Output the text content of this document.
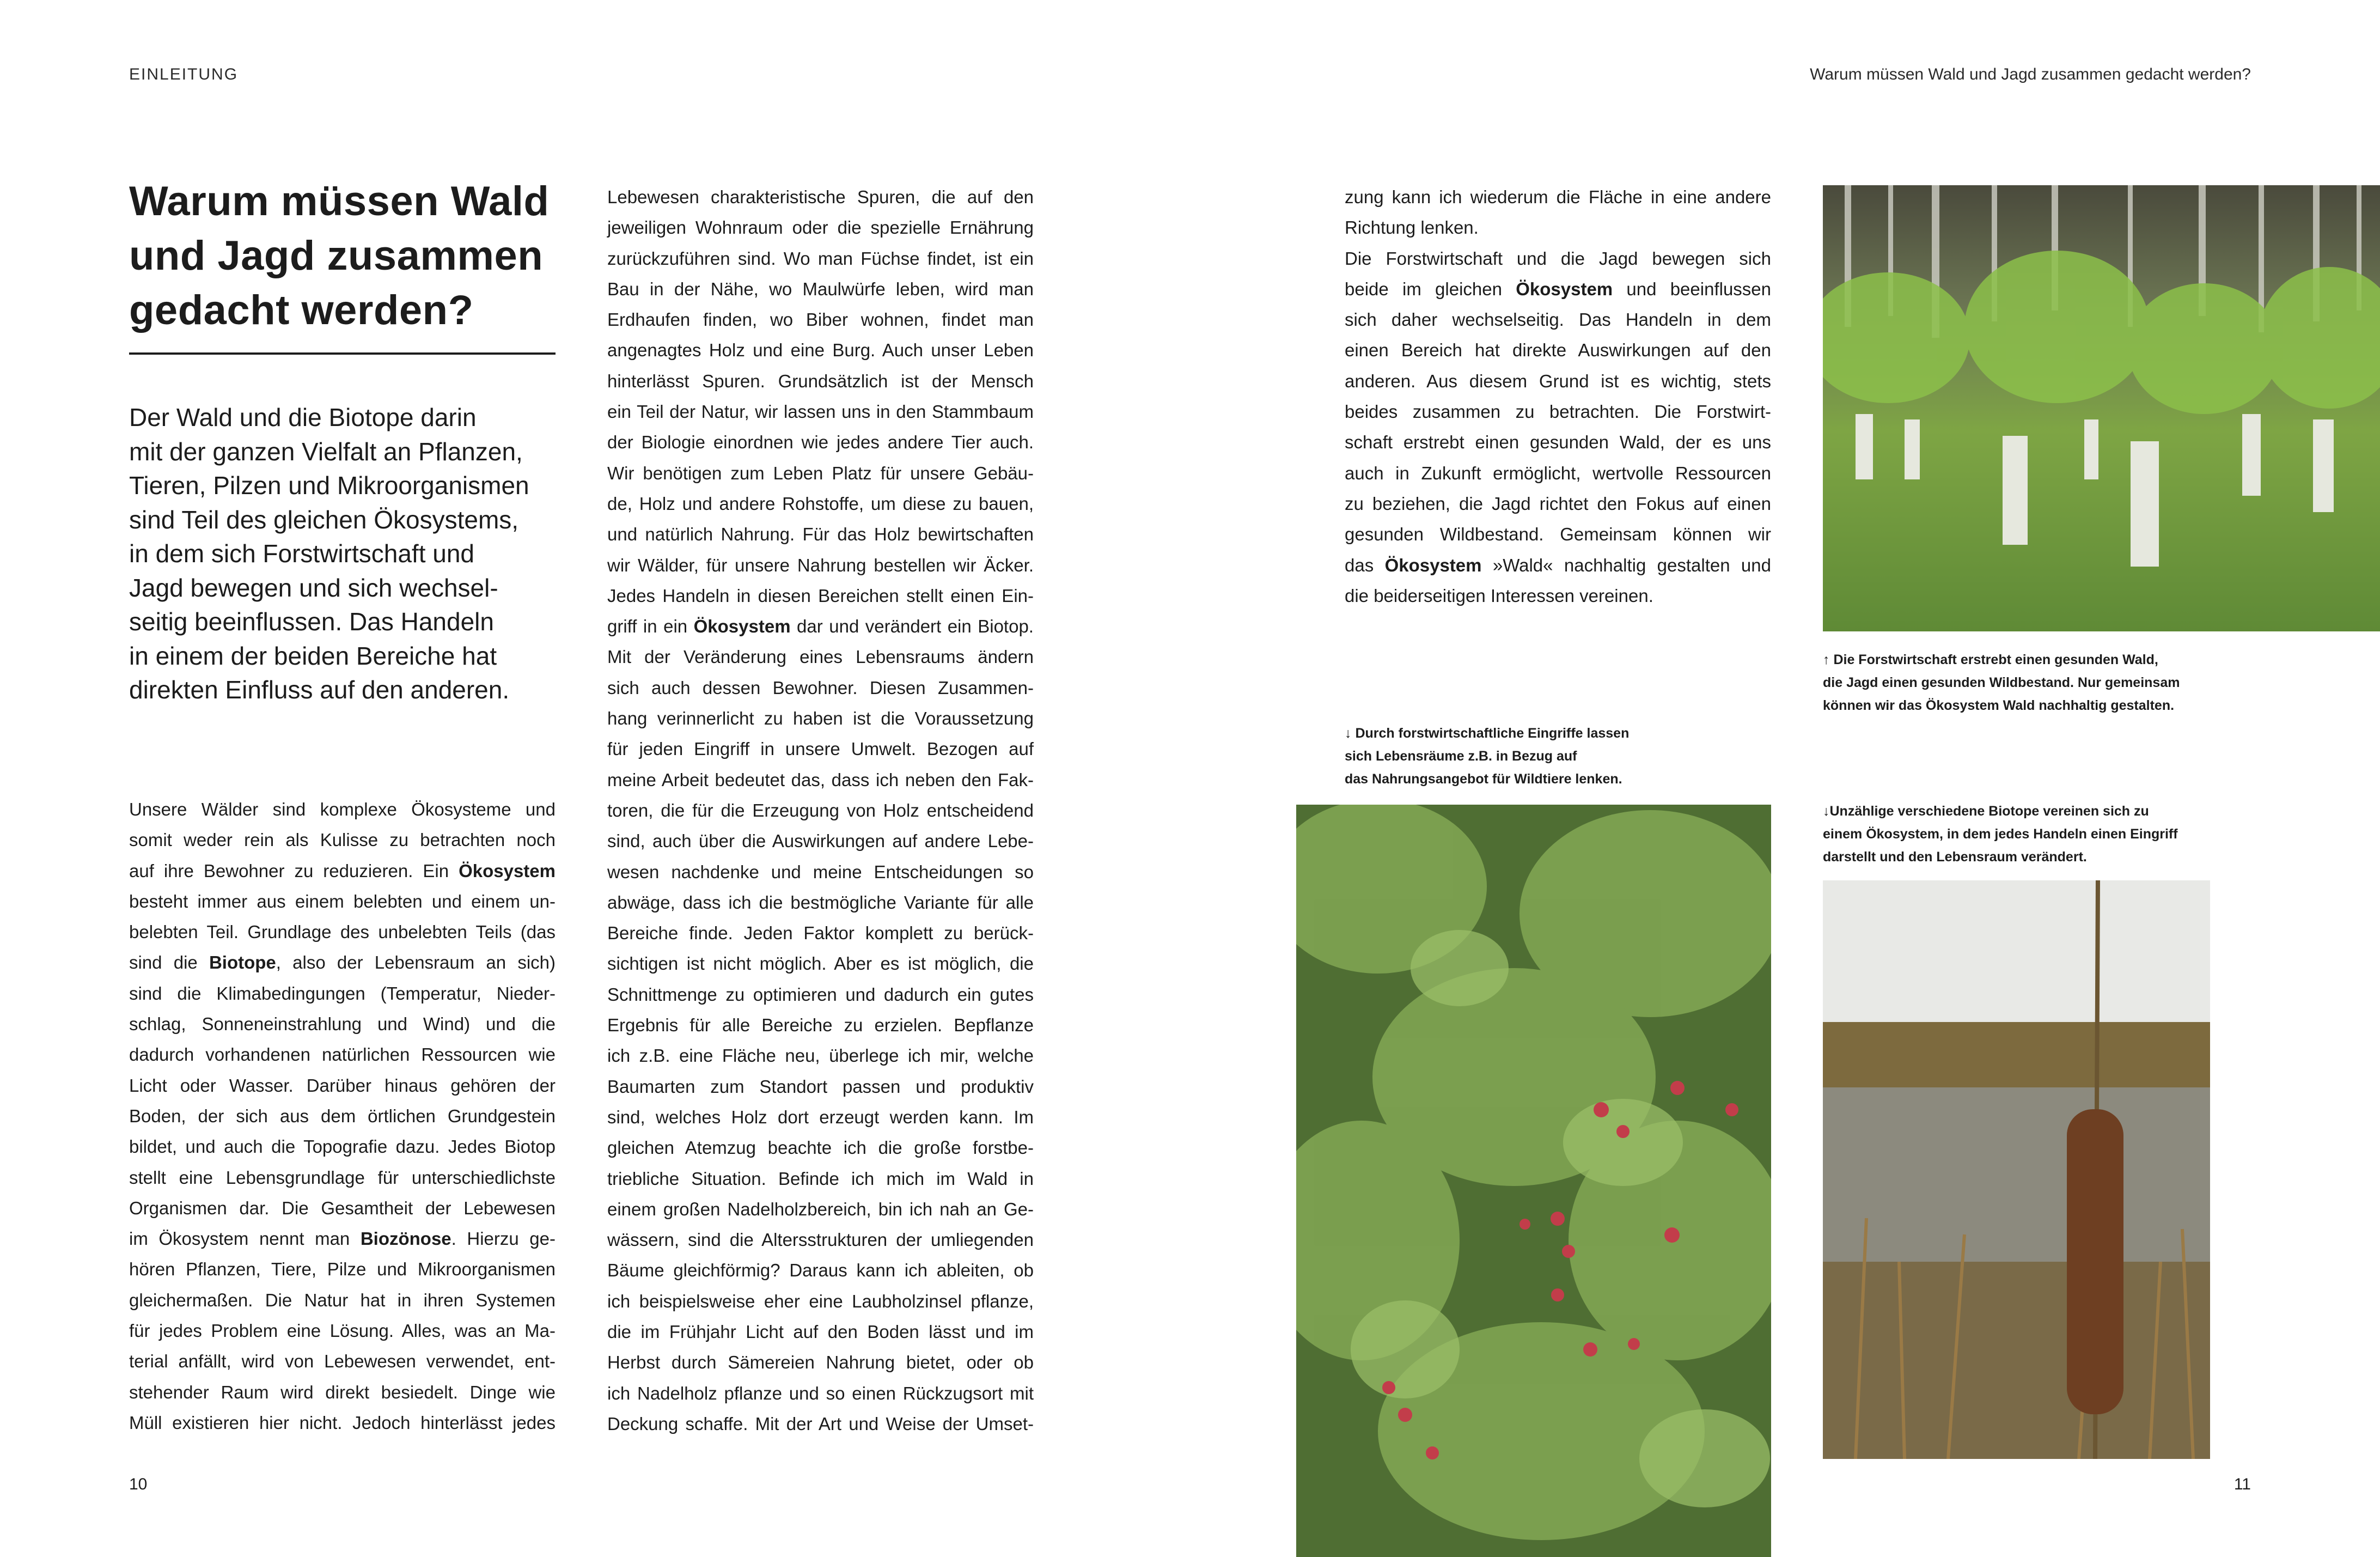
EINLEITUNG	Warum müssen Wald und Jagd zusammen gedacht werden?
Warum müssen Wald
und Jagd zusammen
gedacht werden?
Der Wald und die Biotope darin
mit der ganzen Vielfalt an Pflanzen,
Tieren, Pilzen und Mikroorganismen
sind Teil des gleichen Ökosystems,
in dem sich Forstwirtschaft und
Jagd bewegen und sich wechsel-
seitig beeinflussen. Das Handeln
in einem der beiden Bereiche hat
direkten Einfluss auf den anderen.
Unsere Wälder sind komplexe Ökosysteme und
somit weder rein als Kulisse zu betrachten noch
auf ihre Bewohner zu reduzieren. Ein Ökosystem
besteht immer aus einem belebten und einem un-
belebten Teil. Grundlage des unbelebten Teils (das
sind die Biotope, also der Lebensraum an sich)
sind die Klimabedingungen (Temperatur, Nieder-
schlag, Sonneneinstrahlung und Wind) und die
dadurch vorhandenen natürlichen Ressourcen wie
Licht oder Wasser. Darüber hinaus gehören der
Boden, der sich aus dem örtlichen Grundgestein
bildet, und auch die Topografie dazu. Jedes Biotop
stellt eine Lebensgrundlage für unterschiedlichste
Organismen dar. Die Gesamtheit der Lebewesen
im Ökosystem nennt man Biozönose. Hierzu ge-
hören Pflanzen, Tiere, Pilze und Mikroorganismen
gleichermaßen. Die Natur hat in ihren Systemen
für jedes Problem eine Lösung. Alles, was an Ma-
terial anfällt, wird von Lebewesen verwendet, ent-
stehender Raum wird direkt besiedelt. Dinge wie
Müll existieren hier nicht. Jedoch hinterlässt jedes
Lebewesen charakteristische Spuren, die auf den
jeweiligen Wohnraum oder die spezielle Ernährung
zurückzuführen sind. Wo man Füchse findet, ist ein
Bau in der Nähe, wo Maulwürfe leben, wird man
Erdhaufen finden, wo Biber wohnen, findet man
angenagtes Holz und eine Burg. Auch unser Leben
hinterlässt Spuren. Grundsätzlich ist der Mensch
ein Teil der Natur, wir lassen uns in den Stammbaum
der Biologie einordnen wie jedes andere Tier auch.
Wir benötigen zum Leben Platz für unsere Gebäu-
de, Holz und andere Rohstoffe, um diese zu bauen,
und natürlich Nahrung. Für das Holz bewirtschaften
wir Wälder, für unsere Nahrung bestellen wir Äcker.
Jedes Handeln in diesen Bereichen stellt einen Ein-
griff in ein Ökosystem dar und verändert ein Biotop.
Mit der Veränderung eines Lebensraums ändern
sich auch dessen Bewohner. Diesen Zusammen-
hang verinnerlicht zu haben ist die Voraussetzung
für jeden Eingriff in unsere Umwelt. Bezogen auf
meine Arbeit bedeutet das, dass ich neben den Fak-
toren, die für die Erzeugung von Holz entscheidend
sind, auch über die Auswirkungen auf andere Lebe-
wesen nachdenke und meine Entscheidungen so
abwäge, dass ich die bestmögliche Variante für alle
Bereiche finde. Jeden Faktor komplett zu berück-
sichtigen ist nicht möglich. Aber es ist möglich, die
Schnittmenge zu optimieren und dadurch ein gutes
Ergebnis für alle Bereiche zu erzielen. Bepflanze
ich z.B. eine Fläche neu, überlege ich mir, welche
Baumarten zum Standort passen und produktiv
sind, welches Holz dort erzeugt werden kann. Im
gleichen Atemzug beachte ich die große forstbe-
triebliche Situation. Befinde ich mich im Wald in
einem großen Nadelholzbereich, bin ich nah an Ge-
wässern, sind die Altersstrukturen der umliegenden
Bäume gleichförmig? Daraus kann ich ableiten, ob
ich beispielsweise eher eine Laubholzinsel pflanze,
die im Frühjahr Licht auf den Boden lässt und im
Herbst durch Sämereien Nahrung bietet, oder ob
ich Nadelholz pflanze und so einen Rückzugsort mit
Deckung schaffe. Mit der Art und Weise der Umset-
zung kann ich wiederum die Fläche in eine andere
Richtung lenken.
Die Forstwirtschaft und die Jagd bewegen sich
beide im gleichen Ökosystem und beeinflussen
sich daher wechselseitig. Das Handeln in dem
einen Bereich hat direkte Auswirkungen auf den
anderen. Aus diesem Grund ist es wichtig, stets
beides zusammen zu betrachten. Die Forstwirt-
schaft erstrebt einen gesunden Wald, der es uns
auch in Zukunft ermöglicht, wertvolle Ressourcen
zu beziehen, die Jagd richtet den Fokus auf einen
gesunden Wildbestand. Gemeinsam können wir
das Ökosystem »Wald« nachhaltig gestalten und
die beiderseitigen Interessen vereinen.
↓ Durch forstwirtschaftliche Eingriffe lassen
sich Lebensräume z.B. in Bezug auf
das Nahrungsangebot für Wildtiere lenken.
↑ Die Forstwirtschaft erstrebt einen gesunden Wald,
die Jagd einen gesunden Wildbestand. Nur gemeinsam
können wir das Ökosystem Wald nachhaltig gestalten.
↓Unzählige verschiedene Biotope vereinen sich zu
einem Ökosystem, in dem jedes Handeln einen Eingriff
darstellt und den Lebensraum verändert.
10	11
